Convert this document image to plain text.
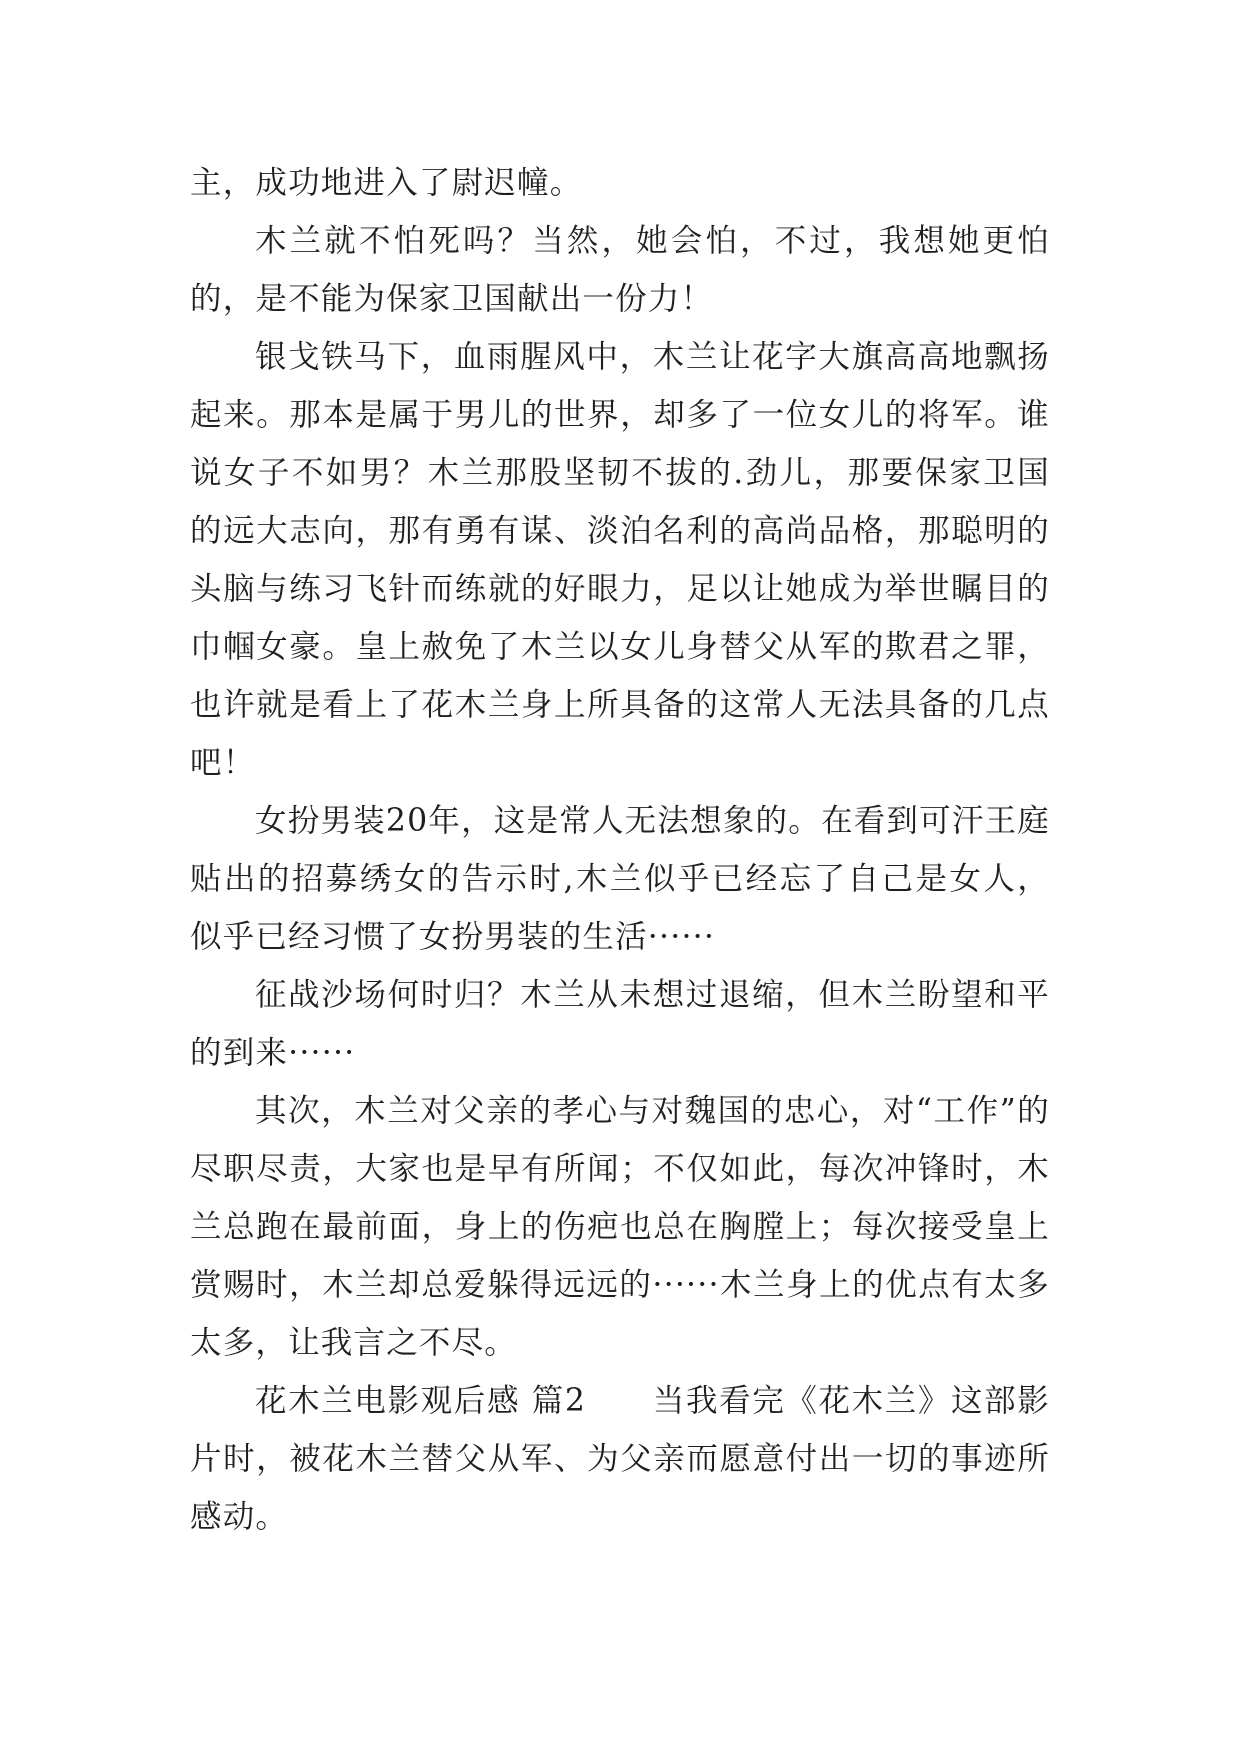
主，成功地进入了尉迟幢。

木兰就不怕死吗？当然，她会怕，不过，我想她更怕的，是不能为保家卫国献出一份力！

银戈铁马下，血雨腥风中，木兰让花字大旗高高地飘扬起来。那本是属于男儿的世界，却多了一位女儿的将军。谁说女子不如男？木兰那股坚韧不拔的.劲儿，那要保家卫国的远大志向，那有勇有谋、淡泊名利的高尚品格，那聪明的头脑与练习飞针而练就的好眼力，足以让她成为举世瞩目的巾帼女豪。皇上赦免了木兰以女儿身替父从军的欺君之罪，也许就是看上了花木兰身上所具备的这常人无法具备的几点吧！

女扮男装20年，这是常人无法想象的。在看到可汗王庭贴出的招募绣女的告示时,木兰似乎已经忘了自己是女人，似乎已经习惯了女扮男装的生活······

征战沙场何时归？木兰从未想过退缩，但木兰盼望和平的到来······

其次，木兰对父亲的孝心与对魏国的忠心，对“工作”的尽职尽责，大家也是早有所闻；不仅如此，每次冲锋时，木兰总跑在最前面，身上的伤疤也总在胸膛上；每次接受皇上赏赐时，木兰却总爱躲得远远的······木兰身上的优点有太多太多，让我言之不尽。

花木兰电影观后感 篇2　　当我看完《花木兰》这部影片时，被花木兰替父从军、为父亲而愿意付出一切的事迹所感动。
